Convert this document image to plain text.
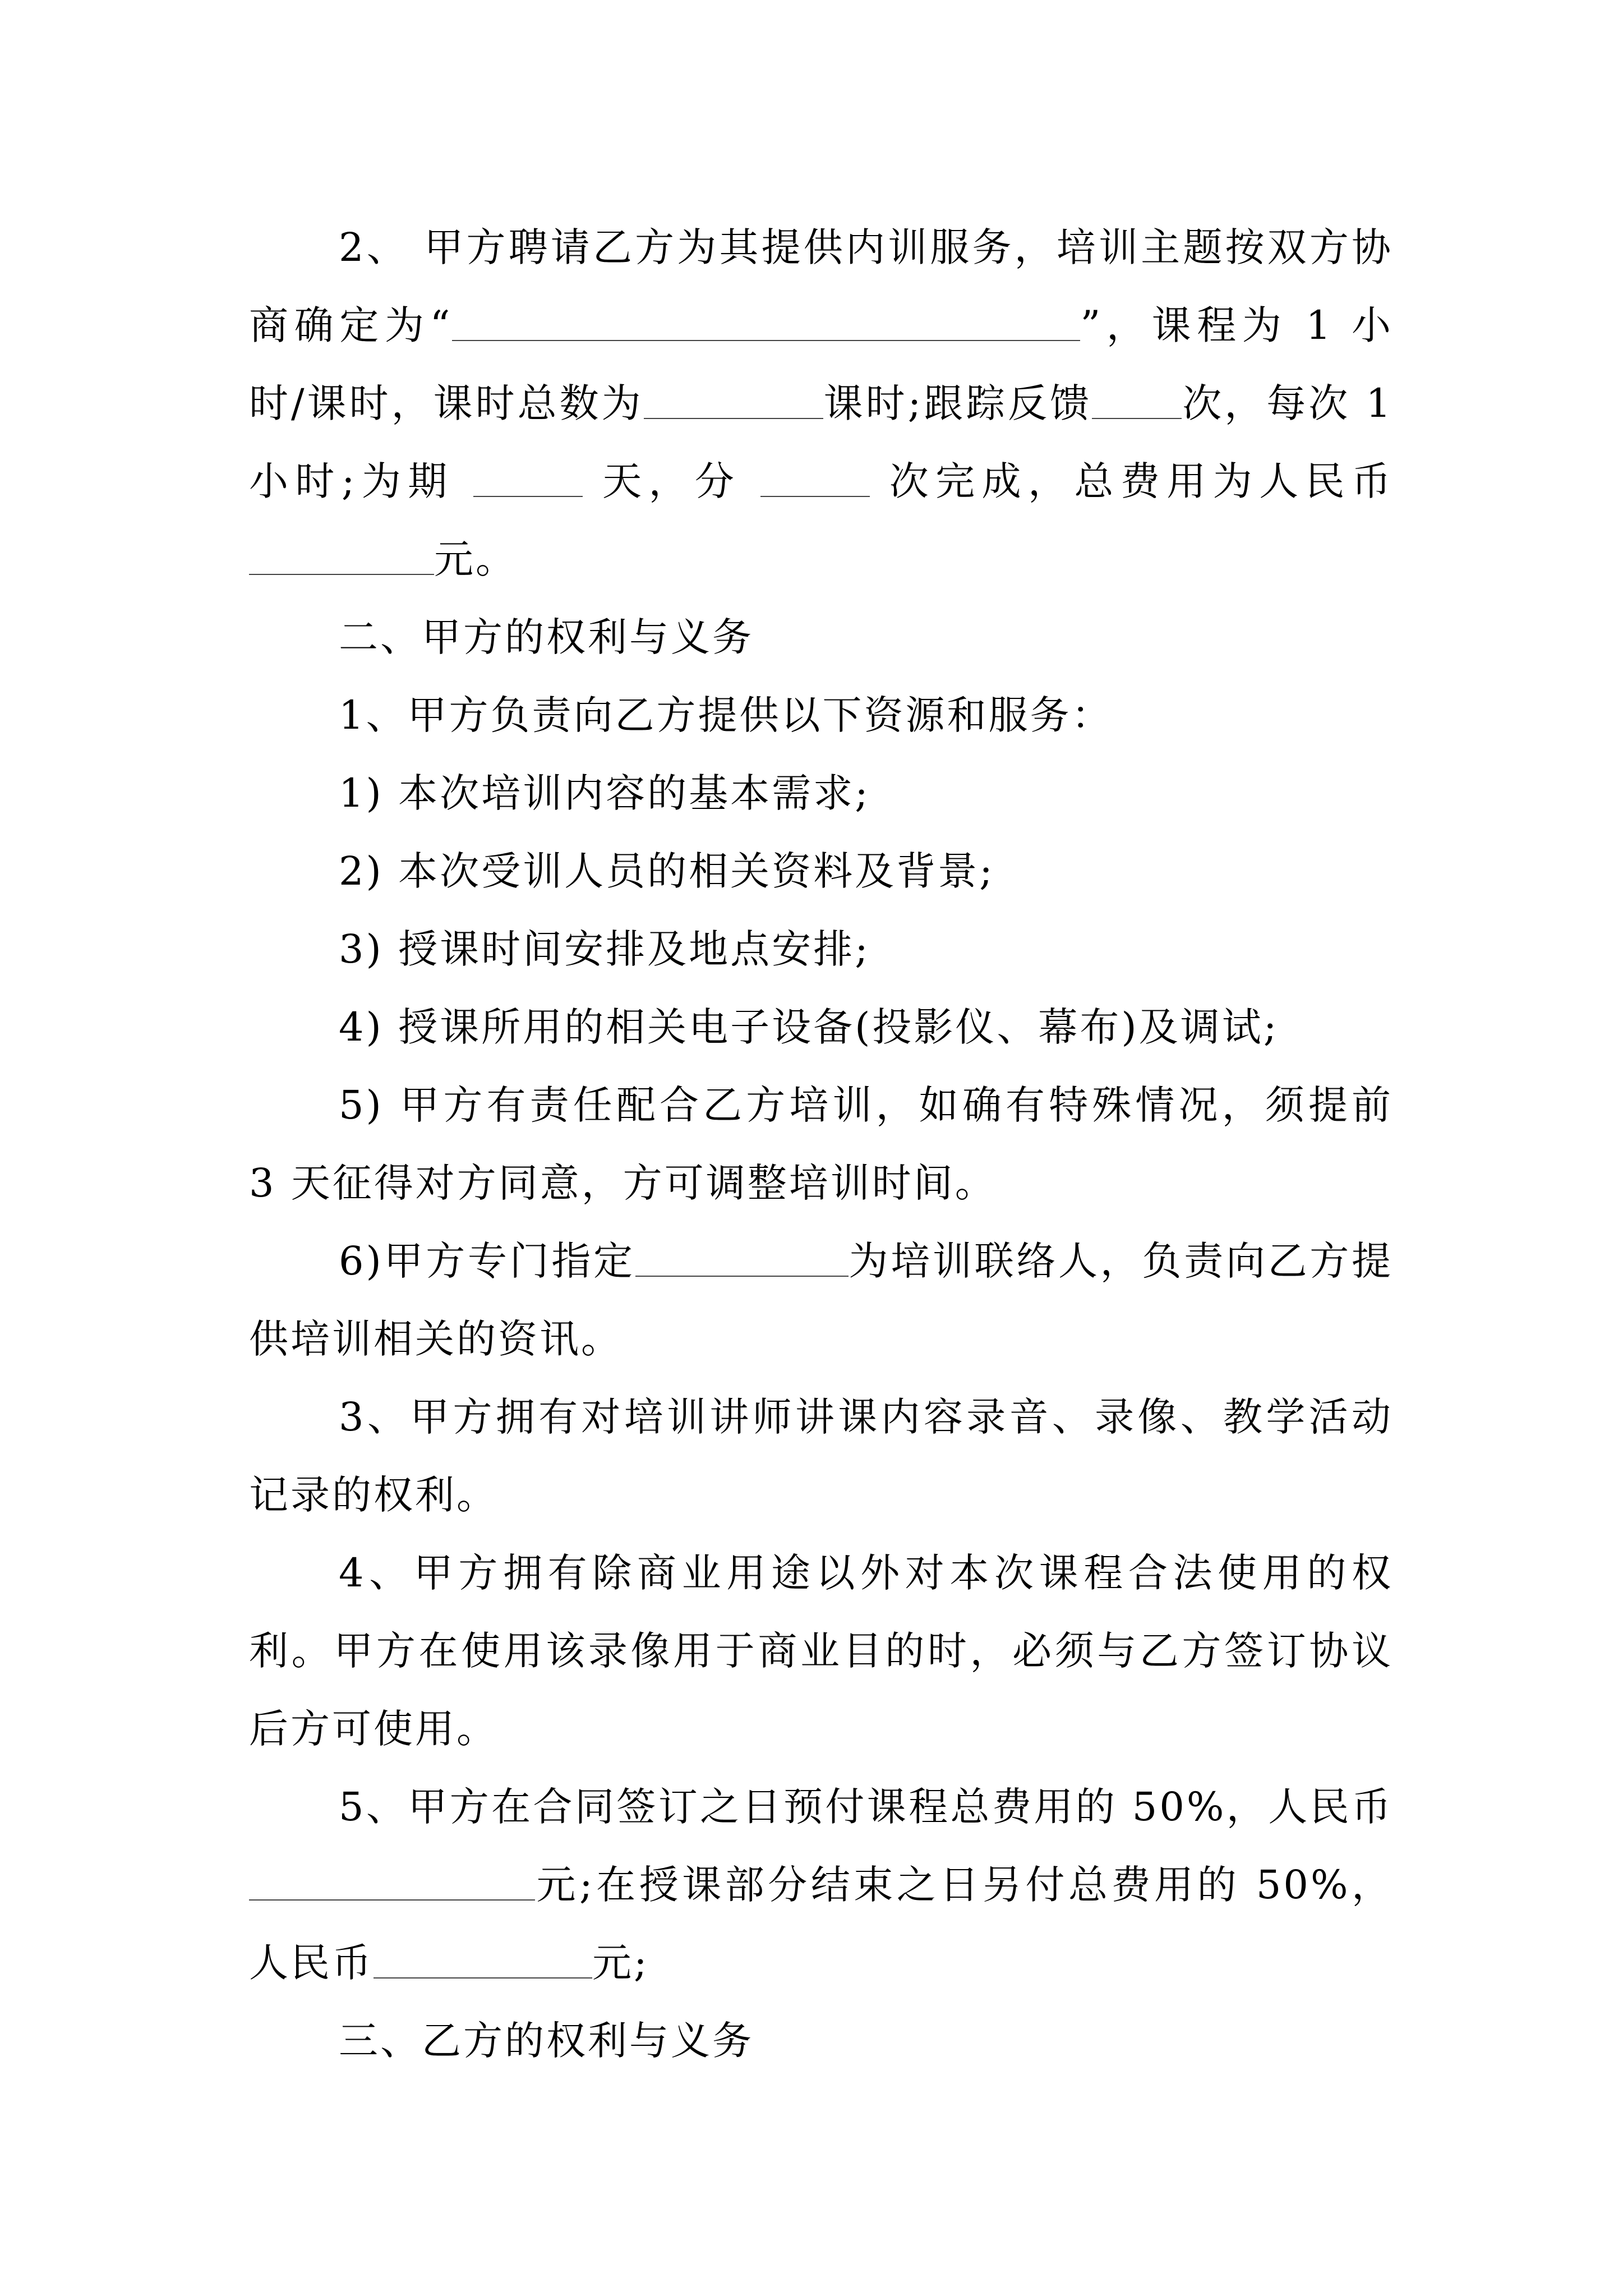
2、 甲方聘请乙方为其提供内训服务，培训主题按双方协商确定为“	”，课程为 1 小时/课时，课时总数为	课时;跟踪反馈 次，每次 1 小时;为期	天，分	次完成，总费用为人民币元。

二、甲方的权利与义务

1、甲方负责向乙方提供以下资源和服务：

1) 本次培训内容的基本需求;

2) 本次受训人员的相关资料及背景;

3) 授课时间安排及地点安排;

4) 授课所用的相关电子设备(投影仪、幕布)及调试;

5) 甲方有责任配合乙方培训，如确有特殊情况，须提前 3 天征得对方同意，方可调整培训时间。

6)甲方专门指定	为培训联络人，负责向乙方提供培训相关的资讯。

3、甲方拥有对培训讲师讲课内容录音、录像、教学活动记录的权利。

4、甲方拥有除商业用途以外对本次课程合法使用的权利。甲方在使用该录像用于商业目的时，必须与乙方签订协议后方可使用。

5、甲方在合同签订之日预付课程总费用的 50%，人民币元;在授课部分结束之日另付总费用的 50%，人民币	元;

三、乙方的权利与义务
